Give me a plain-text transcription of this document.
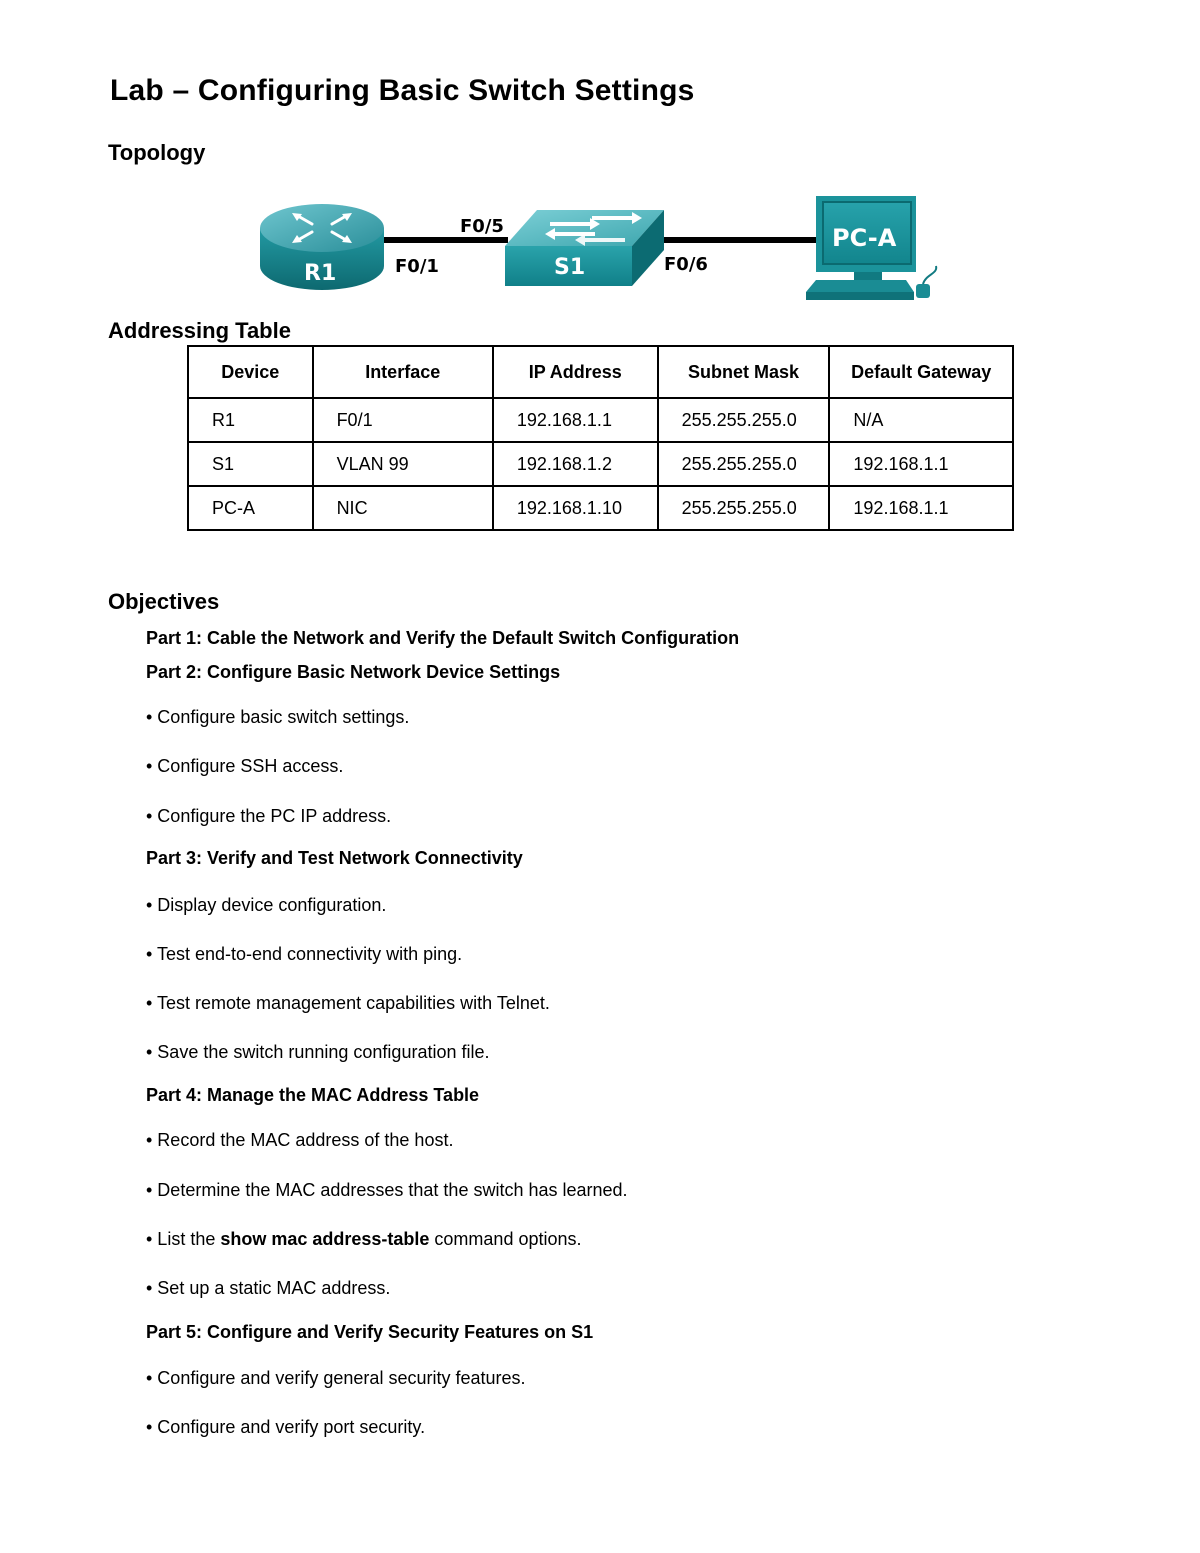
Lab – Configuring Basic Switch Settings
Topology
R1	F0/1	S1
F0/5
F0/6
PC-A
Addressing Table
Device	Interface	IP Address	Subnet Mask	Default Gateway
R1	F0/1	192.168.1.1	255.255.255.0	N/A
S1	VLAN 99	192.168.1.2	255.255.255.0	192.168.1.1
PC-A	NIC	192.168.1.10	255.255.255.0	192.168.1.1
Objectives
Part 1: Cable the Network and Verify the Default Switch Configuration
Part 2: Configure Basic Network Device Settings
• Configure basic switch settings.
• Configure SSH access.
• Configure the PC IP address.
Part 3: Verify and Test Network Connectivity
• Display device configuration.
• Test end-to-end connectivity with ping.
• Test remote management capabilities with Telnet.
• Save the switch running configuration file.
Part 4: Manage the MAC Address Table
• Record the MAC address of the host.
• Determine the MAC addresses that the switch has learned.
• List the show mac address-table command options.
• Set up a static MAC address.
Part 5: Configure and Verify Security Features on S1
• Configure and verify general security features.
• Configure and verify port security.
